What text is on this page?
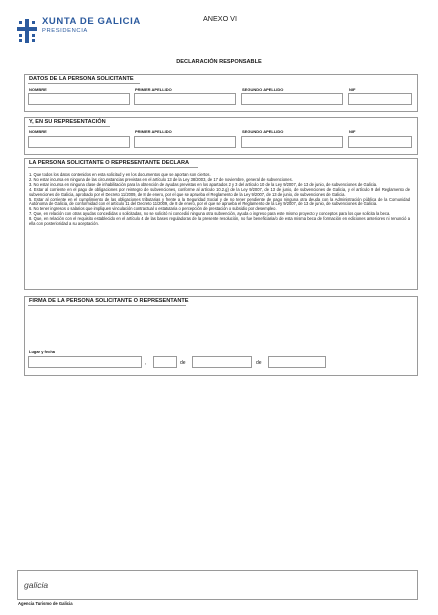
XUNTA DE GALICIA
PRESIDENCIA
ANEXO VI
DECLARACIÓN RESPONSABLE
DATOS DE LA PERSONA SOLICITANTE
NOMBRE	PRIMER APELLIDO	SEGUNDO APELLIDO	NIF
Y, EN SU REPRESENTACIÓN
NOMBRE	PRIMER APELLIDO	SEGUNDO APELLIDO	NIF
LA PERSONA SOLICITANTE O REPRESENTANTE DECLARA

1. Que todos los datos contenidos en esta solicitud y en los documentos que se aportan son ciertos.

2. No estar incursa en ninguna de las circunstancias previstas en el artículo 13 de la Ley 38/2003, de 17 de noviembre, general de subvenciones.

3. No estar incursa en ninguna clase de inhabilitación para la obtención de ayudas previstas en los apartados 2 y 3 del artículo 10 de la Ley 9/2007, de 13 de junio, de subvenciones de Galicia.

4. Estar al corriente en el pago de obligaciones por reintegro de subvenciones, conforme al artículo 10.2.g) de la Ley 9/2007, de 13 de junio, de subvenciones de Galicia, y el artículo 9 del Reglamento de subvenciones de Galicia, aprobado por el Decreto 11/2009, de 8 de enero, por el que se aprueba el Reglamento de la Ley 9/2007, de 13 de junio, de subvenciones de Galicia.

5. Estar al corriente en el cumplimiento de las obligaciones tributarias y frente a la Seguridad Social y de no tener pendiente de pago ninguna otra deuda con la Administración pública de la Comunidad Autónoma de Galicia, de conformidad con el artículo 11 del Decreto 11/2009, de 8 de enero, por el que se aprueba el Reglamento de la Ley 9/2007, de 13 de junio, de subvenciones de Galicia.

6. No tener ingresos o salarios que impliquen vinculación contractual o estatutaria o percepción de prestación o subsidio por desempleo.

7. Que, en relación con otras ayudas concedidas o solicitadas, no se solicitó ni concedió ninguna otra subvención, ayuda o ingreso para este mismo proyecto y conceptos para los que solicita la beca.

8. Que, en relación con el requisito establecido en el artículo 4 de las bases reguladoras de la presente resolución, no fue beneficiaria/o de esta misma beca de formación en ediciones anteriores ni renunció a ella con posterioridad a su aceptación.

FIRMA DE LA PERSONA SOLICITANTE O REPRESENTANTE
Lugar y fecha
,	de	de
galicia
Agencia Turismo de Galicia
